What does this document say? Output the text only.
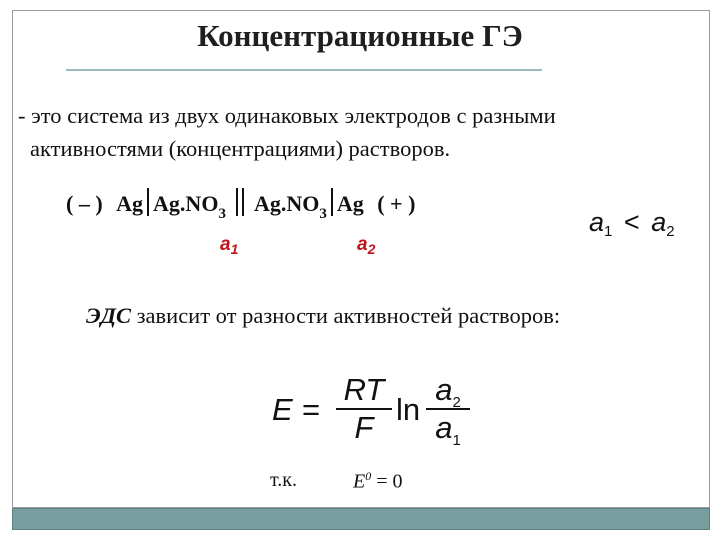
Концентрационные ГЭ
- это система из двух одинаковых электродов с разными
активностями (концентрациями) растворов.
( – ) Ag Ag.NO3 Ag.NO3 Ag ( + )
$a_1$	$a_2$
a1 < a2
ЭДС зависит от разности активностей растворов:
E =
RT
F
ln
$a_2$
$a_1$
т.к.	$E^0 = 0$
